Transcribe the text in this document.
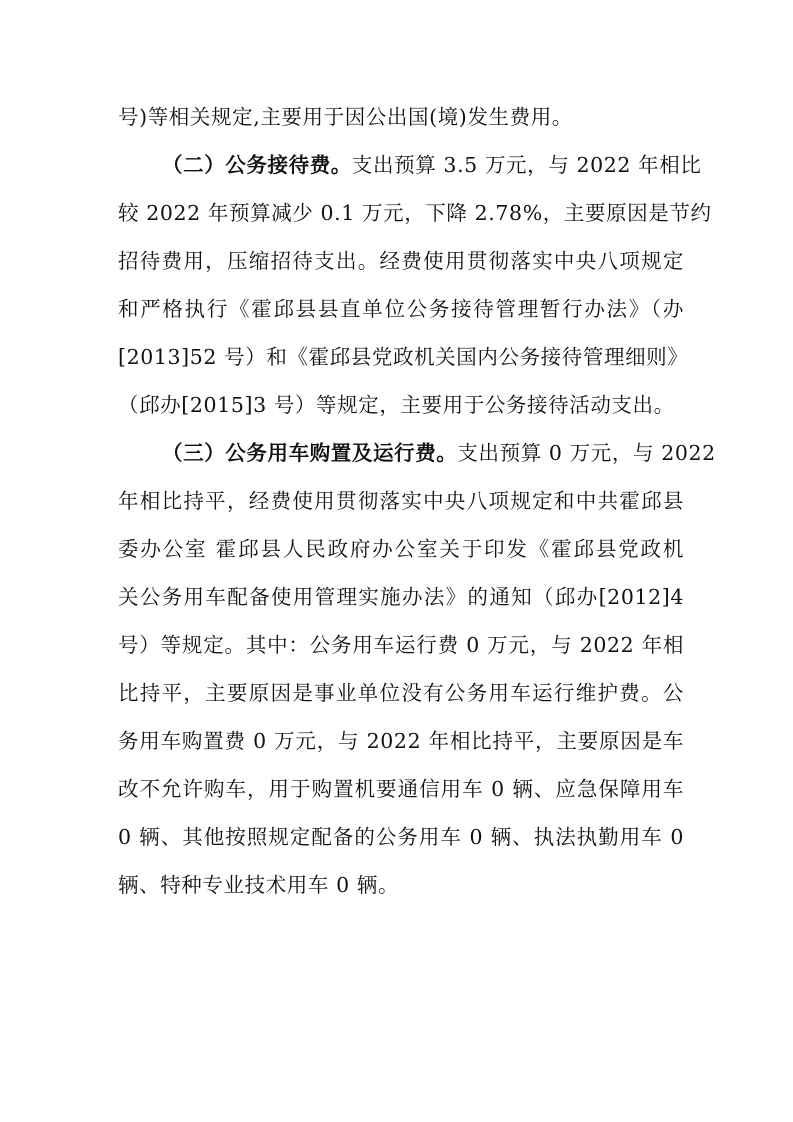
号)等相关规定,主要用于因公出国(境)发生费用。
（二）公务接待费。支出预算 3.5 万元，与 2022 年相比
较 2022 年预算减少 0.1 万元，下降 2.78%，主要原因是节约
招待费用，压缩招待支出。经费使用贯彻落实中央八项规定
和严格执行《霍邱县县直单位公务接待管理暂行办法》（办
[2013]52 号）和《霍邱县党政机关国内公务接待管理细则》
（邱办[2015]3 号）等规定，主要用于公务接待活动支出。
（三）公务用车购置及运行费。支出预算 0 万元，与 2022
年相比持平，经费使用贯彻落实中央八项规定和中共霍邱县
委办公室 霍邱县人民政府办公室关于印发《霍邱县党政机
关公务用车配备使用管理实施办法》的通知（邱办[2012]4
号）等规定。其中：公务用车运行费 0 万元，与 2022 年相
比持平，主要原因是事业单位没有公务用车运行维护费。公
务用车购置费 0 万元，与 2022 年相比持平，主要原因是车
改不允许购车，用于购置机要通信用车 0 辆、应急保障用车
0 辆、其他按照规定配备的公务用车 0 辆、执法执勤用车 0
辆、特种专业技术用车 0 辆。
